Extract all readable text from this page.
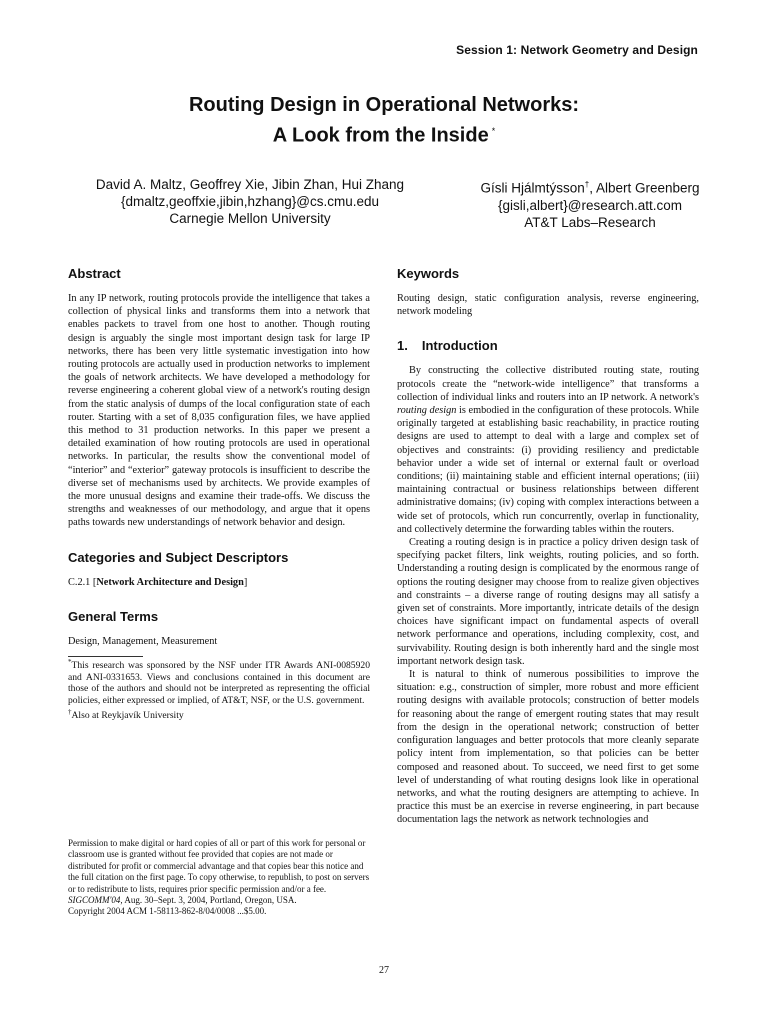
Session 1: Network Geometry and Design
Routing Design in Operational Networks:
A Look from the Inside *
David A. Maltz, Geoffrey Xie, Jibin Zhan, Hui Zhang
{dmaltz,geoffxie,jibin,hzhang}@cs.cmu.edu
Carnegie Mellon University
Gísli Hjálmtýsson†, Albert Greenberg
{gisli,albert}@research.att.com
AT&T Labs–Research
Abstract

In any IP network, routing protocols provide the intelligence that takes a collection of physical links and transforms them into a network that enables packets to travel from one host to another. Though routing design is arguably the single most important design task for large IP networks, there has been very little systematic investigation into how routing protocols are actually used in production networks to implement the goals of network architects. We have developed a methodology for reverse engineering a coherent global view of a network's routing design from the static analysis of dumps of the local configuration state of each router. Starting with a set of 8,035 configuration files, we have applied this method to 31 production networks. In this paper we present a detailed examination of how routing protocols are used in operational networks. In particular, the results show the conventional model of “interior” and “exterior” gateway protocols is insufficient to describe the diverse set of mechanisms used by architects. We provide examples of the more unusual designs and examine their trade-offs. We discuss the strengths and weaknesses of our methodology, and argue that it opens paths towards new understandings of network behavior and design.

Categories and Subject Descriptors

C.2.1 [Network Architecture and Design]

General Terms

Design, Management, Measurement

*This research was sponsored by the NSF under ITR Awards ANI-0085920 and ANI-0331653. Views and conclusions contained in this document are those of the authors and should not be interpreted as representing the official policies, either expressed or implied, of AT&T, NSF, or the U.S. government.
†Also at Reykjavík University
Permission to make digital or hard copies of all or part of this work for personal or classroom use is granted without fee provided that copies are not made or distributed for profit or commercial advantage and that copies bear this notice and the full citation on the first page. To copy otherwise, to republish, to post on servers or to redistribute to lists, requires prior specific permission and/or a fee.
SIGCOMM'04, Aug. 30–Sept. 3, 2004, Portland, Oregon, USA.
Copyright 2004 ACM 1-58113-862-8/04/0008 ...$5.00.
Keywords

Routing design, static configuration analysis, reverse engineering, network modeling

1. Introduction

By constructing the collective distributed routing state, routing protocols create the “network-wide intelligence” that transforms a collection of individual links and routers into an IP network. A network's routing design is embodied in the configuration of these protocols. While originally targeted at establishing basic reachability, in practice routing designs are used to attempt to deal with a large and complex set of objectives and constraints: (i) providing resiliency and predictable behavior under a wide set of internal or external fault or overload conditions; (ii) maintaining stable and efficient internal operations; (iii) maintaining contractual or business relationships between different administrative domains; (iv) coping with complex interactions between a wide set of protocols, which run concurrently, overlap in functionality, and collectively determine the forwarding tables within the routers.

Creating a routing design is in practice a policy driven design task of specifying packet filters, link weights, routing policies, and so forth. Understanding a routing design is complicated by the enormous range of options the routing designer may choose from to realize given objectives and constraints – a diverse range of routing designs may all satisfy a given set of constraints. More importantly, intricate details of the design choices have significant impact on fundamental aspects of overall network performance and operations, including complexity, cost, and survivability. Routing design is both inherently hard and the single most important network design task.

It is natural to think of numerous possibilities to improve the situation: e.g., construction of simpler, more robust and more efficient routing designs with available protocols; construction of better models for reasoning about the range of emergent routing states that may result from the design in the operational network; construction of better configuration languages and better protocols that more cleanly separate policy intent from implementation, so that policies can be better composed and reasoned about. To succeed, we need first to get some level of understanding of what routing designs look like in operational networks, and what the routing designers are attempting to achieve. In practice this must be an exercise in reverse engineering, in part because documentation lags the network as network technologies and

27
